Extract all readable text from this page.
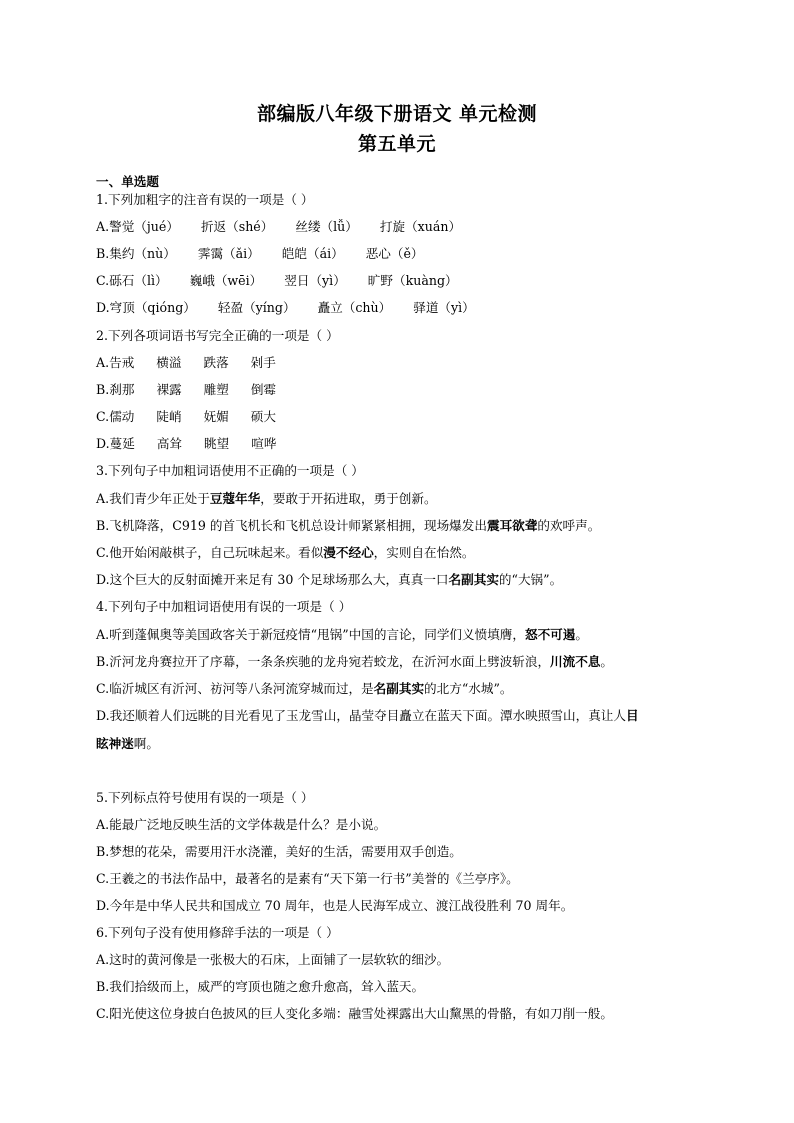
部编版八年级下册语文 单元检测
第五单元
一、单选题
1.下列加粗字的注音有误的一项是（ ）
A.警觉（jué） 折返（shé） 丝缕（lǚ） 打旋（xuán）
B.集约（nù） 霁霭（ǎi） 皑皑（ái） 恶心（ě）
C.砾石（lì） 巍峨（wēi） 翌日（yì） 旷野（kuàng）
D.穹顶（qióng） 轻盈（yíng） 矗立（chù） 驿道（yì）
2.下列各项词语书写完全正确的一项是（ ）
A.告戒 横溢 跌落 剁手
B.刹那 裸露 雕塑 倒霉
C.儒动 陡峭 妩媚 硕大
D.蔓延 高耸 眺望 喧哗
3.下列句子中加粗词语使用不正确的一项是（ ）
A.我们青少年正处于豆蔻年华，要敢于开拓进取，勇于创新。
B.飞机降落，C919 的首飞机长和飞机总设计师紧紧相拥，现场爆发出震耳欲聋的欢呼声。
C.他开始闲敲棋子，自己玩味起来。看似漫不经心，实则自在怡然。
D.这个巨大的反射面摊开来足有 30 个足球场那么大，真真一口名副其实的“大锅”。
4.下列句子中加粗词语使用有误的一项是（ ）
A.听到蓬佩奥等美国政客关于新冠疫情“甩锅”中国的言论，同学们义愤填膺，怒不可遏。
B.沂河龙舟赛拉开了序幕，一条条疾驰的龙舟宛若蛟龙，在沂河水面上劈波斩浪，川流不息。
C.临沂城区有沂河、祊河等八条河流穿城而过，是名副其实的北方“水城”。
D.我还顺着人们远眺的目光看见了玉龙雪山，晶莹夺目矗立在蓝天下面。潭水映照雪山，真让人目
眩神迷啊。
5.下列标点符号使用有误的一项是（ ）
A.能最广泛地反映生活的文学体裁是什么？是小说。
B.梦想的花朵，需要用汗水浇灌，美好的生活，需要用双手创造。
C.王羲之的书法作品中，最著名的是素有“天下第一行书”美誉的《兰亭序》。
D.今年是中华人民共和国成立 70 周年，也是人民海军成立、渡江战役胜利 70 周年。
6.下列句子没有使用修辞手法的一项是（ ）
A.这时的黄河像是一张极大的石床，上面铺了一层软软的细沙。
B.我们拾级而上，威严的穹顶也随之愈升愈高，耸入蓝天。
C.阳光使这位身披白色披风的巨人变化多端：融雪处裸露出大山黧黑的骨骼，有如刀削一般。
